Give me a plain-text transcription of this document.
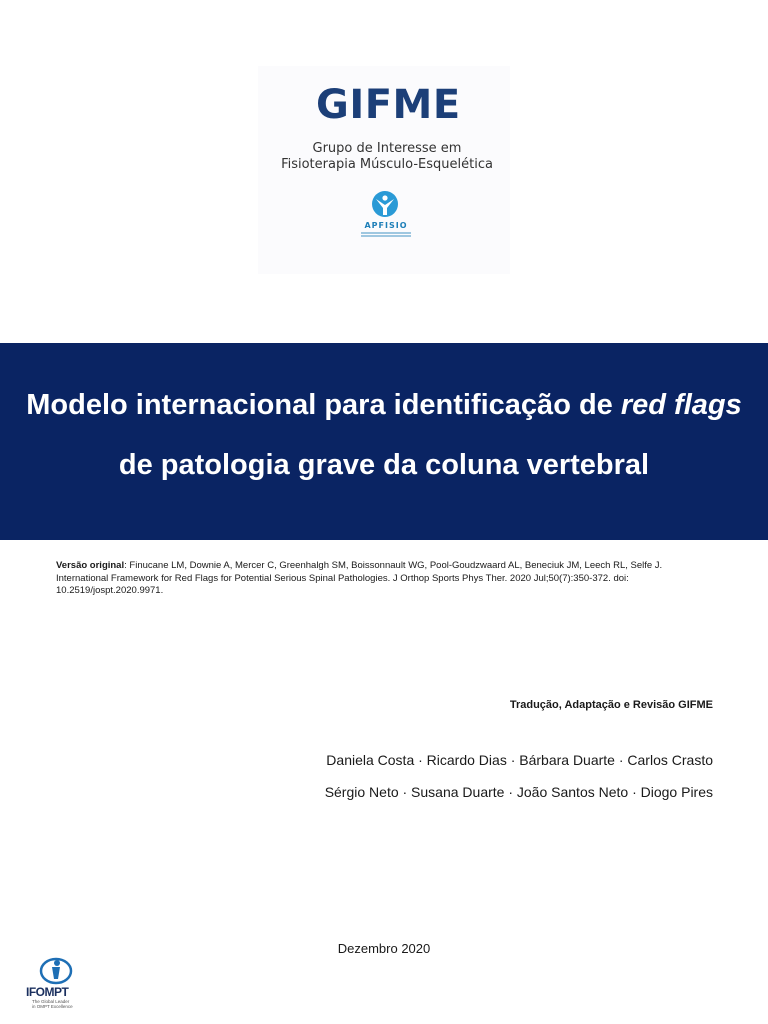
GIFME
Grupo de Interesse em
Fisioterapia Músculo-Esquelética
APFISIO
Modelo internacional para identificação de red flags
de patologia grave da coluna vertebral
Versão original: Finucane LM, Downie A, Mercer C, Greenhalgh SM, Boissonnault WG, Pool-Goudzwaard AL, Beneciuk JM, Leech RL, Selfe J. International Framework for Red Flags for Potential Serious Spinal Pathologies. J Orthop Sports Phys Ther. 2020 Jul;50(7):350-372. doi: 10.2519/jospt.2020.9971.
Tradução, Adaptação e Revisão GIFME
Daniela Costa · Ricardo Dias · Bárbara Duarte · Carlos Crasto
Sérgio Neto · Susana Duarte · João Santos Neto · Diogo Pires
Dezembro 2020
IFOMPT
The Global Leader
in OMPT Excellence
